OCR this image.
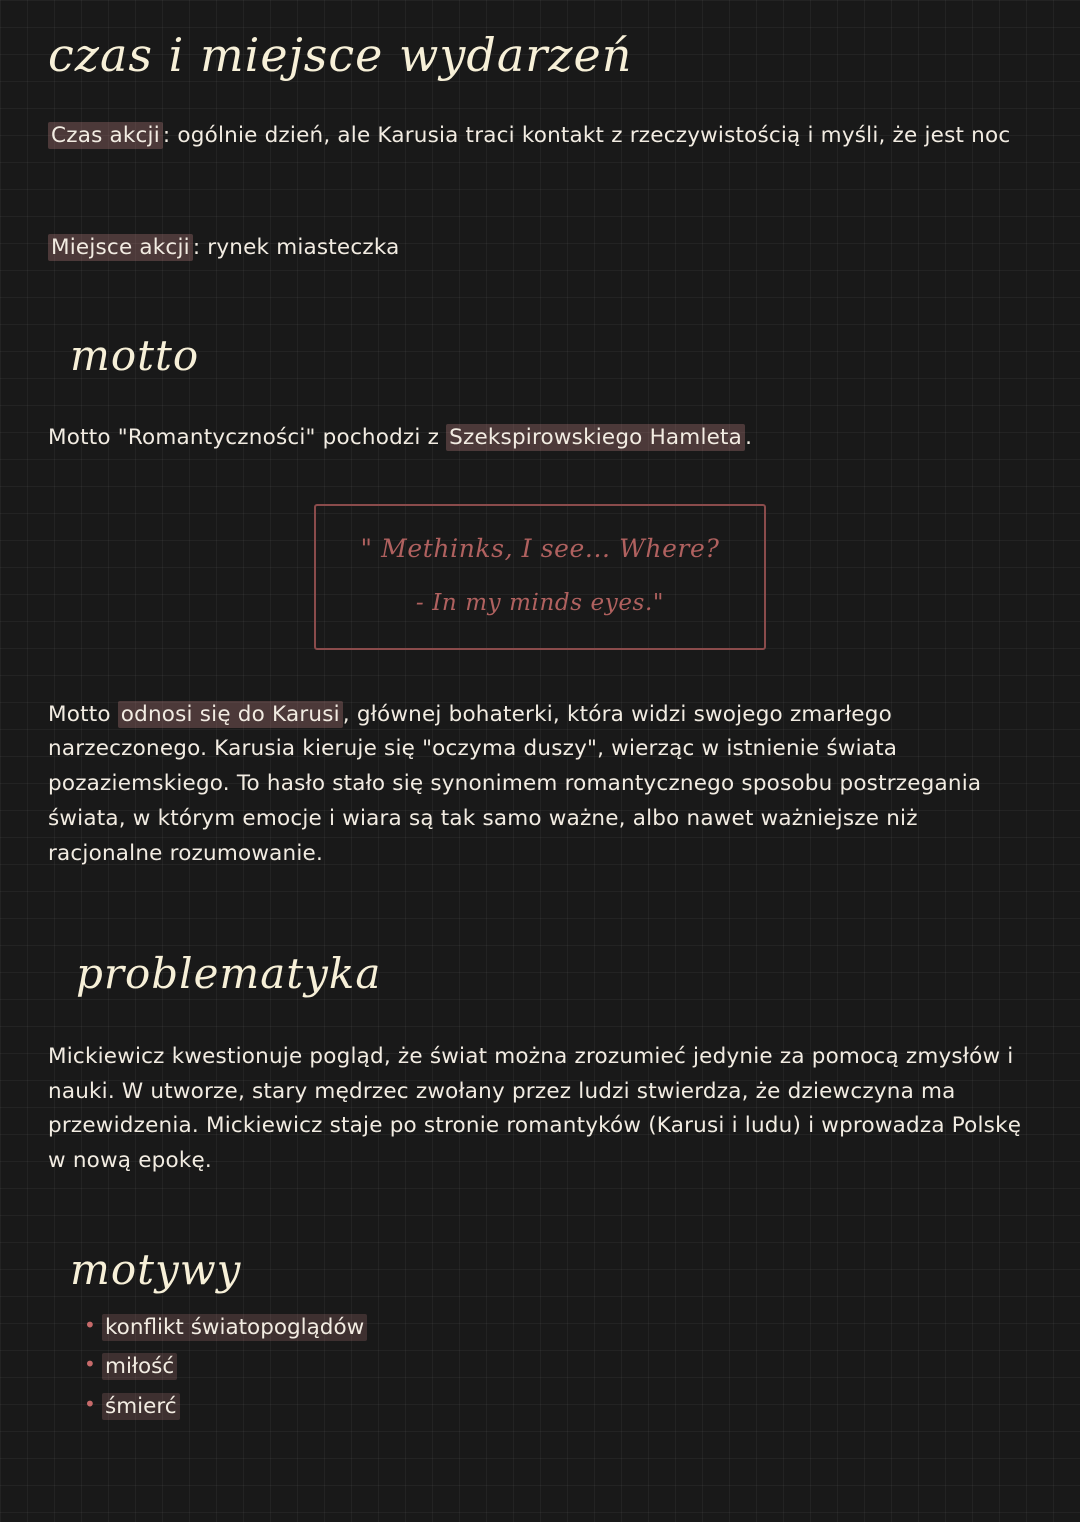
czas i miejsce wydarzeń

Czas akcji : ogólnie dzień, ale Karusia traci kontakt z rzeczywistością i myśli, że jest noc

Miejsce akcji : rynek miasteczka

motto

Motto "Romantyczności" pochodzi z Szekspirowskiego Hamleta .

" Methinks, I see... Where?
- In my minds eyes."

Motto odnosi się do Karusi , głównej bohaterki, która widzi swojego zmarłego narzeczonego. Karusia kieruje się "oczyma duszy", wierząc w istnienie świata pozaziemskiego. To hasło stało się synonimem romantycznego sposobu postrzegania świata, w którym emocje i wiara są tak samo ważne, albo nawet ważniejsze niż racjonalne rozumowanie.

problematyka

Mickiewicz kwestionuje pogląd, że świat można zrozumieć jedynie za pomocą zmysłów i nauki. W utworze, stary mędrzec zwołany przez ludzi stwierdza, że dziewczyna ma przewidzenia. Mickiewicz staje po stronie romantyków (Karusi i ludu) i wprowadza Polskę w nową epokę.

motywy
• konflikt światopoglądów
• miłość
• śmierć
